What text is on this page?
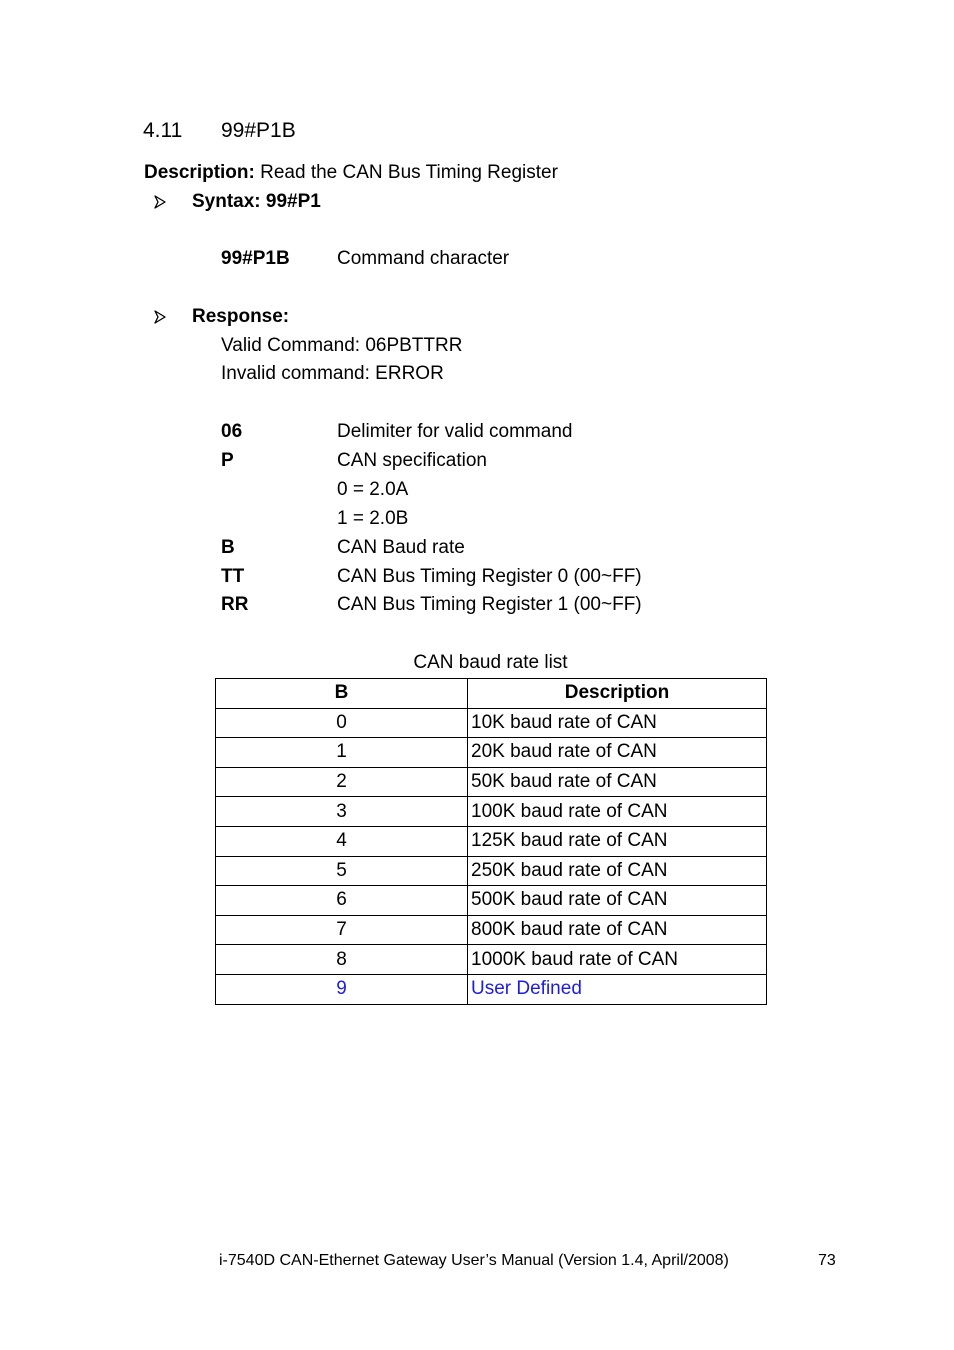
4.11 99#P1B
Description: Read the CAN Bus Timing Register
Syntax: 99#P1
99#P1B Command character
Response:
Valid Command: 06PBTTRR
Invalid command: ERROR
06	Delimiter for valid command
P	CAN specification
0 = 2.0A
1 = 2.0B
B	CAN Baud rate
TT	CAN Bus Timing Register 0 (00~FF)
RR	CAN Bus Timing Register 1 (00~FF)
CAN baud rate list
B	Description
0	10K baud rate of CAN
1	20K baud rate of CAN
2	50K baud rate of CAN
3	100K baud rate of CAN
4	125K baud rate of CAN
5	250K baud rate of CAN
6	500K baud rate of CAN
7	800K baud rate of CAN
8	1000K baud rate of CAN
9	User Defined
i-7540D CAN-Ethernet Gateway User’s Manual (Version 1.4, April/2008)	73
